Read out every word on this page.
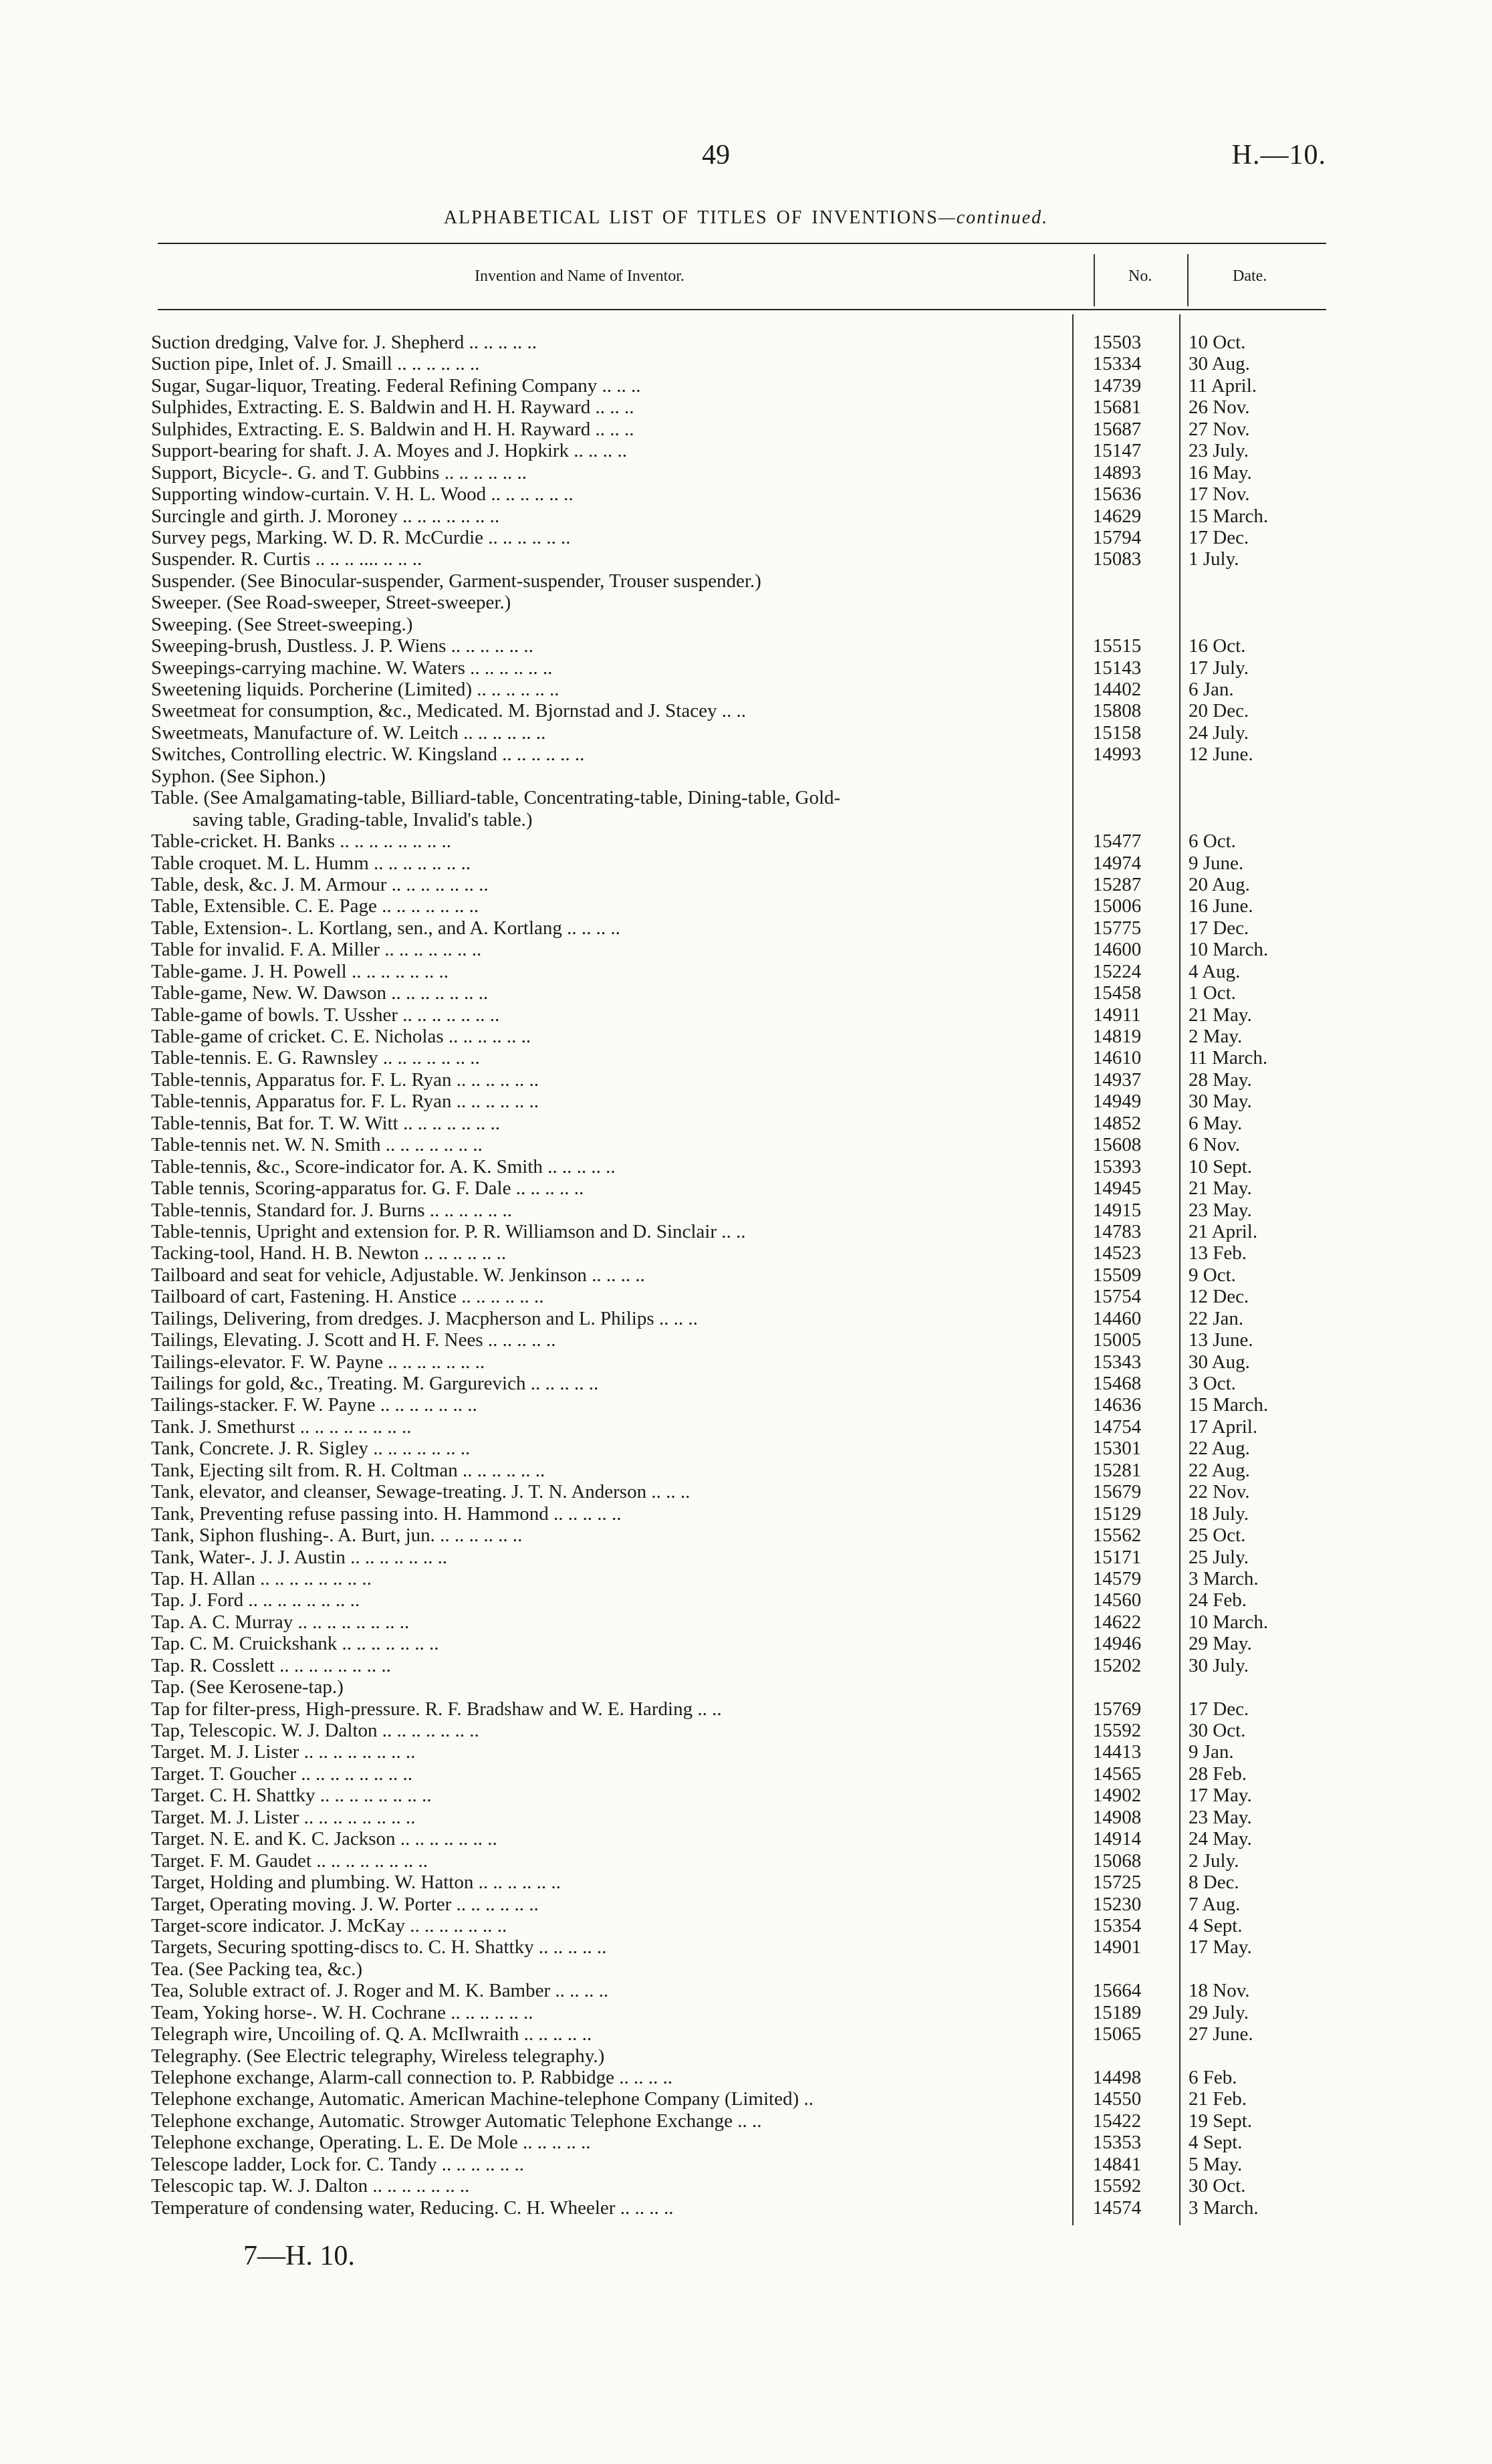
49	H.—10.
ALPHABETICAL LIST OF TITLES OF INVENTIONS—continued.
Invention and Name of Inventor.	No.	Date.
Suction dredging, Valve for. J. Shepherd .. .. .. .. ..	15503	10 Oct.
Suction pipe, Inlet of. J. Smaill .. .. .. .. .. ..	15334	30 Aug.
Sugar, Sugar-liquor, Treating. Federal Refining Company .. .. ..	14739	11 April.
Sulphides, Extracting. E. S. Baldwin and H. H. Rayward .. .. ..	15681	26 Nov.
Sulphides, Extracting. E. S. Baldwin and H. H. Rayward .. .. ..	15687	27 Nov.
Support-bearing for shaft. J. A. Moyes and J. Hopkirk .. .. .. ..	15147	23 July.
Support, Bicycle-. G. and T. Gubbins .. .. .. .. .. ..	14893	16 May.
Supporting window-curtain. V. H. L. Wood .. .. .. .. .. ..	15636	17 Nov.
Surcingle and girth. J. Moroney .. .. .. .. .. .. ..	14629	15 March.
Survey pegs, Marking. W. D. R. McCurdie .. .. .. .. .. ..	15794	17 Dec.
Suspender. R. Curtis .. .. .. .... .. .. ..	15083	1 July.
Suspender. (See Binocular-suspender, Garment-suspender, Trouser suspender.)
Sweeper. (See Road-sweeper, Street-sweeper.)
Sweeping. (See Street-sweeping.)
Sweeping-brush, Dustless. J. P. Wiens .. .. .. .. .. ..	15515	16 Oct.
Sweepings-carrying machine. W. Waters .. .. .. .. .. ..	15143	17 July.
Sweetening liquids. Porcherine (Limited) .. .. .. .. .. ..	14402	6 Jan.
Sweetmeat for consumption, &c., Medicated. M. Bjornstad and J. Stacey .. ..	15808	20 Dec.
Sweetmeats, Manufacture of. W. Leitch .. .. .. .. .. ..	15158	24 July.
Switches, Controlling electric. W. Kingsland .. .. .. .. .. ..	14993	12 June.
Syphon. (See Siphon.)
Table. (See Amalgamating-table, Billiard-table, Concentrating-table, Dining-table, Gold-
saving table, Grading-table, Invalid's table.)
Table-cricket. H. Banks .. .. .. .. .. .. .. ..	15477	6 Oct.
Table croquet. M. L. Humm .. .. .. .. .. .. ..	14974	9 June.
Table, desk, &c. J. M. Armour .. .. .. .. .. .. ..	15287	20 Aug.
Table, Extensible. C. E. Page .. .. .. .. .. .. ..	15006	16 June.
Table, Extension-. L. Kortlang, sen., and A. Kortlang .. .. .. ..	15775	17 Dec.
Table for invalid. F. A. Miller .. .. .. .. .. .. ..	14600	10 March.
Table-game. J. H. Powell .. .. .. .. .. .. ..	15224	4 Aug.
Table-game, New. W. Dawson .. .. .. .. .. .. ..	15458	1 Oct.
Table-game of bowls. T. Ussher .. .. .. .. .. .. ..	14911	21 May.
Table-game of cricket. C. E. Nicholas .. .. .. .. .. ..	14819	2 May.
Table-tennis. E. G. Rawnsley .. .. .. .. .. .. ..	14610	11 March.
Table-tennis, Apparatus for. F. L. Ryan .. .. .. .. .. ..	14937	28 May.
Table-tennis, Apparatus for. F. L. Ryan .. .. .. .. .. ..	14949	30 May.
Table-tennis, Bat for. T. W. Witt .. .. .. .. .. .. ..	14852	6 May.
Table-tennis net. W. N. Smith .. .. .. .. .. .. ..	15608	6 Nov.
Table-tennis, &c., Score-indicator for. A. K. Smith .. .. .. .. ..	15393	10 Sept.
Table tennis, Scoring-apparatus for. G. F. Dale .. .. .. .. ..	14945	21 May.
Table-tennis, Standard for. J. Burns .. .. .. .. .. ..	14915	23 May.
Table-tennis, Upright and extension for. P. R. Williamson and D. Sinclair .. ..	14783	21 April.
Tacking-tool, Hand. H. B. Newton .. .. .. .. .. ..	14523	13 Feb.
Tailboard and seat for vehicle, Adjustable. W. Jenkinson .. .. .. ..	15509	9 Oct.
Tailboard of cart, Fastening. H. Anstice .. .. .. .. .. ..	15754	12 Dec.
Tailings, Delivering, from dredges. J. Macpherson and L. Philips .. .. ..	14460	22 Jan.
Tailings, Elevating. J. Scott and H. F. Nees .. .. .. .. ..	15005	13 June.
Tailings-elevator. F. W. Payne .. .. .. .. .. .. ..	15343	30 Aug.
Tailings for gold, &c., Treating. M. Gargurevich .. .. .. .. ..	15468	3 Oct.
Tailings-stacker. F. W. Payne .. .. .. .. .. .. ..	14636	15 March.
Tank. J. Smethurst .. .. .. .. .. .. .. ..	14754	17 April.
Tank, Concrete. J. R. Sigley .. .. .. .. .. .. ..	15301	22 Aug.
Tank, Ejecting silt from. R. H. Coltman .. .. .. .. .. ..	15281	22 Aug.
Tank, elevator, and cleanser, Sewage-treating. J. T. N. Anderson .. .. ..	15679	22 Nov.
Tank, Preventing refuse passing into. H. Hammond .. .. .. .. ..	15129	18 July.
Tank, Siphon flushing-. A. Burt, jun. .. .. .. .. .. ..	15562	25 Oct.
Tank, Water-. J. J. Austin .. .. .. .. .. .. ..	15171	25 July.
Tap. H. Allan .. .. .. .. .. .. .. ..	14579	3 March.
Tap. J. Ford .. .. .. .. .. .. .. ..	14560	24 Feb.
Tap. A. C. Murray .. .. .. .. .. .. .. ..	14622	10 March.
Tap. C. M. Cruickshank .. .. .. .. .. .. ..	14946	29 May.
Tap. R. Cosslett .. .. .. .. .. .. .. ..	15202	30 July.
Tap. (See Kerosene-tap.)
Tap for filter-press, High-pressure. R. F. Bradshaw and W. E. Harding .. ..	15769	17 Dec.
Tap, Telescopic. W. J. Dalton .. .. .. .. .. .. ..	15592	30 Oct.
Target. M. J. Lister .. .. .. .. .. .. .. ..	14413	9 Jan.
Target. T. Goucher .. .. .. .. .. .. .. ..	14565	28 Feb.
Target. C. H. Shattky .. .. .. .. .. .. .. ..	14902	17 May.
Target. M. J. Lister .. .. .. .. .. .. .. ..	14908	23 May.
Target. N. E. and K. C. Jackson .. .. .. .. .. .. ..	14914	24 May.
Target. F. M. Gaudet .. .. .. .. .. .. .. ..	15068	2 July.
Target, Holding and plumbing. W. Hatton .. .. .. .. .. ..	15725	8 Dec.
Target, Operating moving. J. W. Porter .. .. .. .. .. ..	15230	7 Aug.
Target-score indicator. J. McKay .. .. .. .. .. .. ..	15354	4 Sept.
Targets, Securing spotting-discs to. C. H. Shattky .. .. .. .. ..	14901	17 May.
Tea. (See Packing tea, &c.)
Tea, Soluble extract of. J. Roger and M. K. Bamber .. .. .. ..	15664	18 Nov.
Team, Yoking horse-. W. H. Cochrane .. .. .. .. .. ..	15189	29 July.
Telegraph wire, Uncoiling of. Q. A. McIlwraith .. .. .. .. ..	15065	27 June.
Telegraphy. (See Electric telegraphy, Wireless telegraphy.)
Telephone exchange, Alarm-call connection to. P. Rabbidge .. .. .. ..	14498	6 Feb.
Telephone exchange, Automatic. American Machine-telephone Company (Limited) ..	14550	21 Feb.
Telephone exchange, Automatic. Strowger Automatic Telephone Exchange .. ..	15422	19 Sept.
Telephone exchange, Operating. L. E. De Mole .. .. .. .. ..	15353	4 Sept.
Telescope ladder, Lock for. C. Tandy .. .. .. .. .. ..	14841	5 May.
Telescopic tap. W. J. Dalton .. .. .. .. .. .. ..	15592	30 Oct.
Temperature of condensing water, Reducing. C. H. Wheeler .. .. .. ..	14574	3 March.
7—H. 10.
